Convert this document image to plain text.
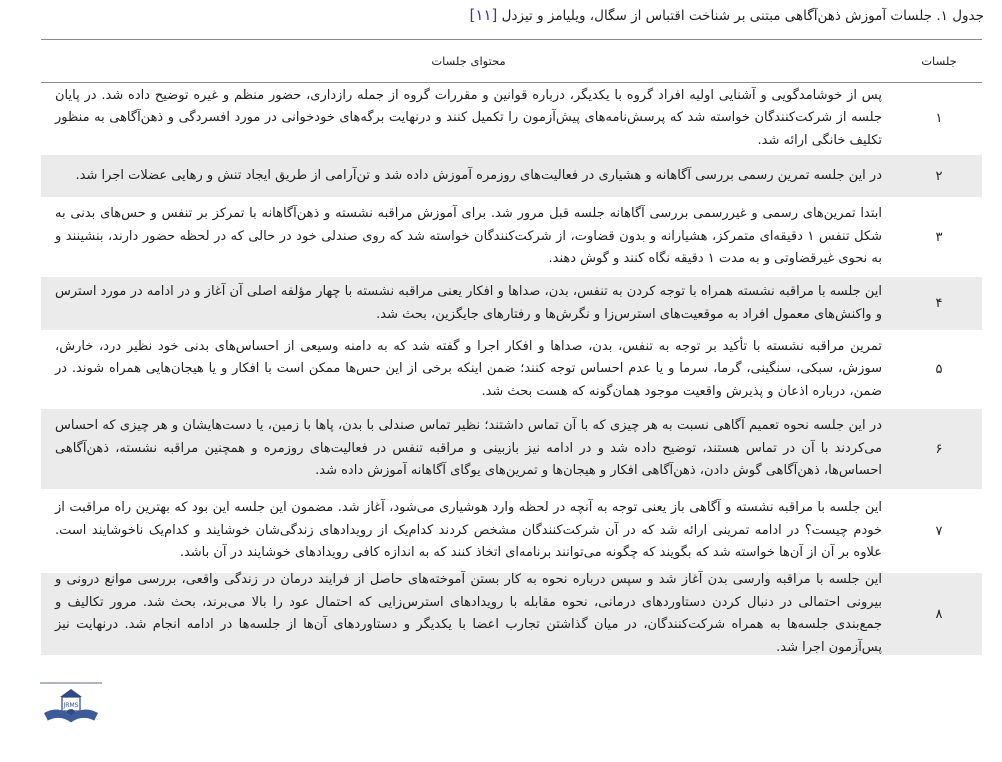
جدول ۱. جلسات آموزش ذهن‌آگاهی مبتنی بر شناخت اقتباس از سگال، ویلیامز و تیزدل [۱۱]
جلسات
محتوای جلسات
۱
پس از خوشامدگویی و آشنایی اولیه افراد گروه با یکدیگر، درباره قوانین و مقررات گروه از جمله رازداری، حضور منظم و غیره توضیح داده شد. در پایان جلسه از شرکت‌کنندگان خواسته شد که پرسش‌نامه‌های پیش‌آزمون را تکمیل کنند و درنهایت برگه‌های خودخوانی در مورد افسردگی و ذهن‌آگاهی به منظور تکلیف خانگی ارائه شد.
۲
در این جلسه تمرین رسمی بررسی آگاهانه و هشیاری در فعالیت‌های روزمره آموزش داده شد و تن‌آرامی از طریق ایجاد تنش و رهایی عضلات اجرا شد.
۳
ابتدا تمرین‌های رسمی و غیررسمی بررسی آگاهانه جلسه قبل مرور شد. برای آموزش مراقبه نشسته و ذهن‌آگاهانه با تمرکز بر تنفس و حس‌های بدنی به شکل تنفس ۱ دقیقه‌ای متمرکز، هشیارانه و بدون قضاوت، از شرکت‌کنندگان خواسته شد که روی صندلی خود در حالی که در لحظه حضور دارند، بنشینند و به نحوی غیرقضاوتی و به مدت ۱ دقیقه نگاه کنند و گوش دهند.
۴
این جلسه با مراقبه نشسته همراه با توجه کردن به تنفس، بدن، صداها و افکار یعنی مراقبه نشسته با چهار مؤلفه اصلی آن آغاز و در ادامه در مورد استرس و واکنش‌های معمول افراد به موقعیت‌های استرس‌زا و نگرش‌ها و رفتارهای جایگزین، بحث شد.
۵
تمرین مراقبه نشسته با تأکید بر توجه به تنفس، بدن، صداها و افکار اجرا و گفته شد که به دامنه وسیعی از احساس‌های بدنی خود نظیر درد، خارش، سوزش، سبکی، سنگینی، گرما، سرما و یا عدم احساس توجه کنند؛ ضمن اینکه برخی از این حس‌ها ممکن است با افکار و یا هیجان‌هایی همراه شوند. در ضمن، درباره اذعان و پذیرش واقعیت موجود همان‌گونه که هست بحث شد.
۶
در این جلسه نحوه تعمیم آگاهی نسبت به هر چیزی که با آن تماس داشتند؛ نظیر تماس صندلی با بدن، پاها با زمین، یا دست‌هایشان و هر چیزی که احساس می‌کردند با آن در تماس هستند، توضیح داده شد و در ادامه نیز بازبینی و مراقبه تنفس در فعالیت‌های روزمره و همچنین مراقبه نشسته، ذهن‌آگاهی احساس‌ها، ذهن‌آگاهی گوش دادن، ذهن‌آگاهی افکار و هیجان‌ها و تمرین‌های یوگای آگاهانه آموزش داده شد.
۷
این جلسه با مراقبه نشسته و آگاهی باز یعنی توجه به آنچه در لحظه وارد هوشیاری می‌شود، آغاز شد. مضمون این جلسه این بود که بهترین راه مراقبت از خودم چیست؟ در ادامه تمرینی ارائه شد که در آن شرکت‌کنندگان مشخص کردند کدام‌یک از رویدادهای زندگی‌شان خوشایند و کدام‌یک ناخوشایند است. علاوه بر آن از آن‌ها خواسته شد که بگویند که چگونه می‌توانند برنامه‌ای اتخاذ کنند که به اندازه کافی رویدادهای خوشایند در آن باشد.
۸
این جلسه با مراقبه وارسی بدن آغاز شد و سپس درباره نحوه به کار بستن آموخته‌های حاصل از فرایند درمان در زندگی واقعی، بررسی موانع درونی و بیرونی احتمالی در دنبال کردن دستاوردهای درمانی، نحوه مقابله با رویدادهای استرس‌زایی که احتمال عود را بالا می‌برند، بحث شد. مرور تکالیف و جمع‌بندی جلسه‌ها به همراه شرکت‌کنندگان، در میان گذاشتن تجارب اعضا با یکدیگر و دستاوردهای آن‌ها از جلسه‌ها در ادامه انجام شد. درنهایت نیز پس‌آزمون اجرا شد.
JRMS
